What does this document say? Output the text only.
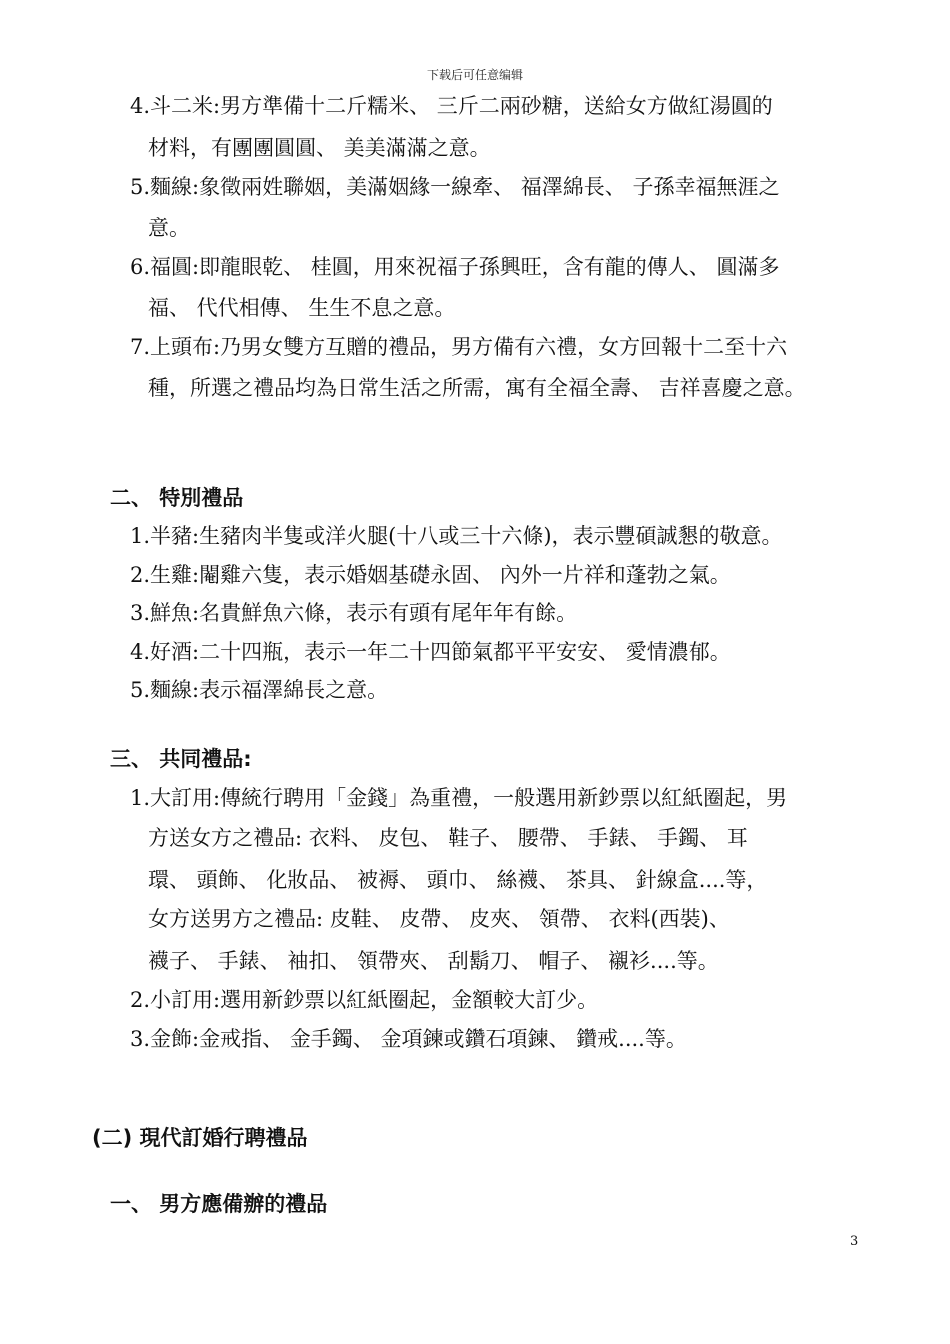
下载后可任意编辑
4.斗二米:男方準備十二斤糯米、 三斤二兩砂糖，送給女方做紅湯圓的
材料，有團團圓圓、 美美滿滿之意。
5.麵線:象徵兩姓聯姻，美滿姻緣一線牽、 福澤綿長、 子孫幸福無涯之
意。
6.福圓:即龍眼乾、 桂圓，用來祝福子孫興旺，含有龍的傳人、 圓滿多
福、 代代相傳、 生生不息之意。
7.上頭布:乃男女雙方互贈的禮品，男方備有六禮，女方回報十二至十六
種，所選之禮品均為日常生活之所需，寓有全福全壽、 吉祥喜慶之意。
二、 特別禮品
1.半豬:生豬肉半隻或洋火腿(十八或三十六條)，表示豐碩誠懇的敬意。
2.生雞:閹雞六隻，表示婚姻基礎永固、 內外一片祥和蓬勃之氣。
3.鮮魚:名貴鮮魚六條，表示有頭有尾年年有餘。
4.好酒:二十四瓶，表示一年二十四節氣都平平安安、 愛情濃郁。
5.麵線:表示福澤綿長之意。
三、 共同禮品:
1.大訂用:傳統行聘用「金錢」為重禮，一般選用新鈔票以紅紙圈起，男
方送女方之禮品: 衣料、 皮包、 鞋子、 腰帶、 手錶、 手鐲、 耳
環、 頭飾、 化妝品、 被褥、 頭巾、 絲襪、 茶具、 針線盒....等，
女方送男方之禮品: 皮鞋、 皮帶、 皮夾、 領帶、 衣料(西裝)、
襪子、 手錶、 袖扣、 領帶夾、 刮鬍刀、 帽子、 襯衫....等。
2.小訂用:選用新鈔票以紅紙圈起，金額較大訂少。
3.金飾:金戒指、 金手鐲、 金項鍊或鑽石項鍊、 鑽戒....等。
(二) 現代訂婚行聘禮品
一、 男方應備辦的禮品
3
